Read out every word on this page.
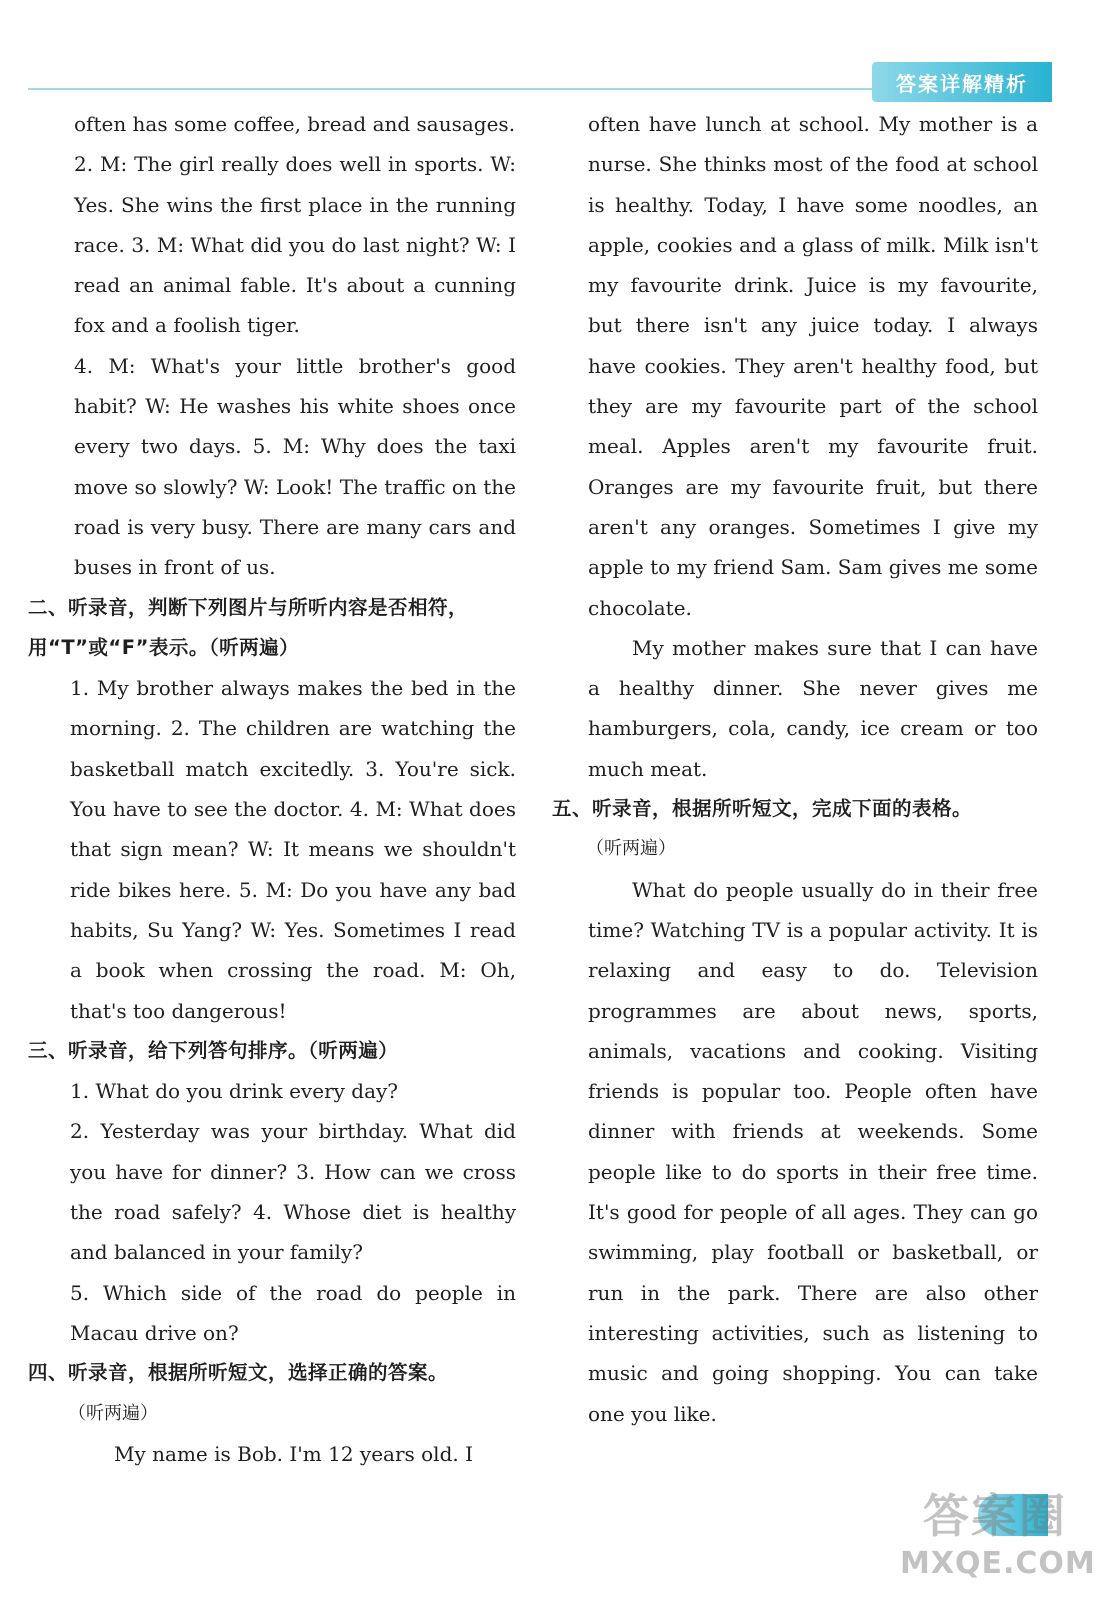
答案详解精析

often has some coffee, bread and sausages.

2. M: The girl really does well in sports. W: Yes. She wins the first place in the running race. 3. M: What did you do last night? W: I read an animal fable. It's about a cunning fox and a foolish tiger.

4. M: What's your little brother's good habit? W: He washes his white shoes once every two days. 5. M: Why does the taxi move so slowly? W: Look! The traffic on the road is very busy. There are many cars and buses in front of us.

二、听录音，判断下列图片与所听内容是否相符，用“T”或“F”表示。（听两遍）

1. My brother always makes the bed in the morning. 2. The children are watching the basketball match excitedly. 3. You're sick. You have to see the doctor. 4. M: What does that sign mean? W: It means we shouldn't ride bikes here. 5. M: Do you have any bad habits, Su Yang? W: Yes. Sometimes I read a book when crossing the road. M: Oh, that's too dangerous!

三、听录音，给下列答句排序。（听两遍）

1. What do you drink every day?

2. Yesterday was your birthday. What did you have for dinner? 3. How can we cross the road safely? 4. Whose diet is healthy and balanced in your family?

5. Which side of the road do people in Macau drive on?

四、听录音，根据所听短文，选择正确的答案。

（听两遍）

My name is Bob. I'm 12 years old. I

often have lunch at school. My mother is a nurse. She thinks most of the food at school is healthy. Today, I have some noodles, an apple, cookies and a glass of milk. Milk isn't my favourite drink. Juice is my favourite, but there isn't any juice today. I always have cookies. They aren't healthy food, but they are my favourite part of the school meal. Apples aren't my favourite fruit. Oranges are my favourite fruit, but there aren't any oranges. Sometimes I give my apple to my friend Sam. Sam gives me some chocolate.

My mother makes sure that I can have a healthy dinner. She never gives me hamburgers, cola, candy, ice cream or too much meat.

五、听录音，根据所听短文，完成下面的表格。

（听两遍）

What do people usually do in their free time? Watching TV is a popular activity. It is relaxing and easy to do. Television programmes are about news, sports, animals, vacations and cooking. Visiting friends is popular too. People often have dinner with friends at weekends. Some people like to do sports in their free time. It's good for people of all ages. They can go swimming, play football or basketball, or run in the park. There are also other interesting activities, such as listening to music and going shopping. You can take one you like.

答案圈
MXQE.COM
